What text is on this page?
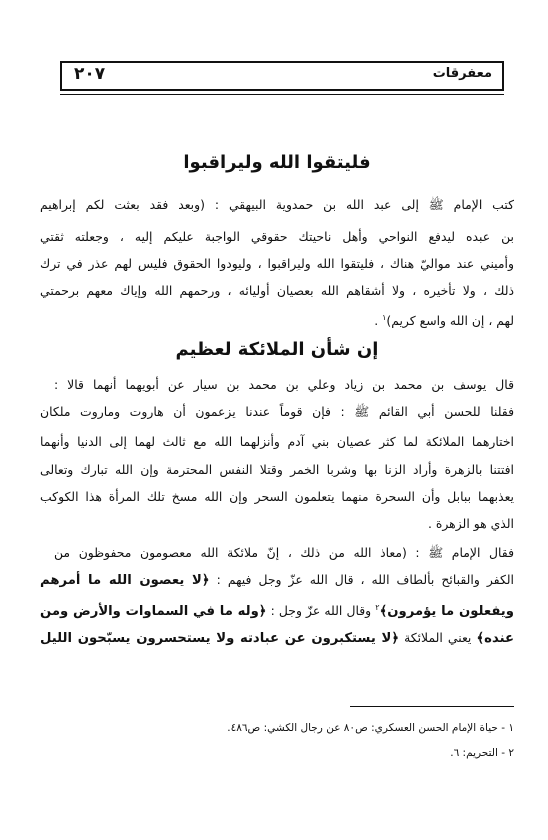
معفرقات
٢٠٧
فليتقوا الله وليراقبوا
كتب الإمام ﷺ إلى عبد الله بن حمدوية البيهقي : (وبعد فقد بعثت لكم إبراهيم
بن عبده ليدفع النواحي وأهل ناحيتك حقوقي الواجبة عليكم إليه ، وجعلته ثقتي
وأميني عند مواليّ هناك ، فليتقوا الله وليراقبوا ، وليودوا الحقوق فليس لهم عذر في ترك
ذلك ، ولا تأخيره ، ولا أشقاهم الله بعصيان أوليائه ، ورحمهم الله وإياك معهم برحمتي
لهم ، إن الله واسع كريم)$^١$ .
إن شأن الملائكة لعظيم
قال يوسف بن محمد بن زياد وعلي بن محمد بن سيار عن أبويهما أنهما قالا :
فقلنا للحسن أبي القائم ﷺ : فإن قوماً عندنا يزعمون أن هاروت وماروت ملكان
اختارهما الملائكة لما كثر عصيان بني آدم وأنزلهما الله مع ثالث لهما إلى الدنيا وأنهما
افتتنا بالزهرة وأراد الزنا بها وشربا الخمر وقتلا النفس المحترمة وإن الله تبارك وتعالى
يعذبهما ببابل وأن السحرة منهما يتعلمون السحر وإن الله مسخ تلك المرأة هذا الكوكب
الذي هو الزهرة .
فقال الإمام ﷺ : (معاذ الله من ذلك ، إنّ ملائكة الله معصومون محفوظون من
الكفر والقبائح بألطاف الله ، قال الله عزّ وجل فيهم : ﴿لا يعصون الله ما أمرهم
ويفعلون ما يؤمرون﴾$^٢$ وقال الله عزّ وجل : ﴿وله ما في السماوات والأرض ومن
عنده﴾ يعني الملائكة ﴿لا يستكبرون عن عبادته ولا يستحسرون يسبّحون الليل
١ - حياة الإمام الحسن العسكري: ص٨٠ عن رجال الكشي: ص٤٨٦.
٢ - التحريم: ٦.
